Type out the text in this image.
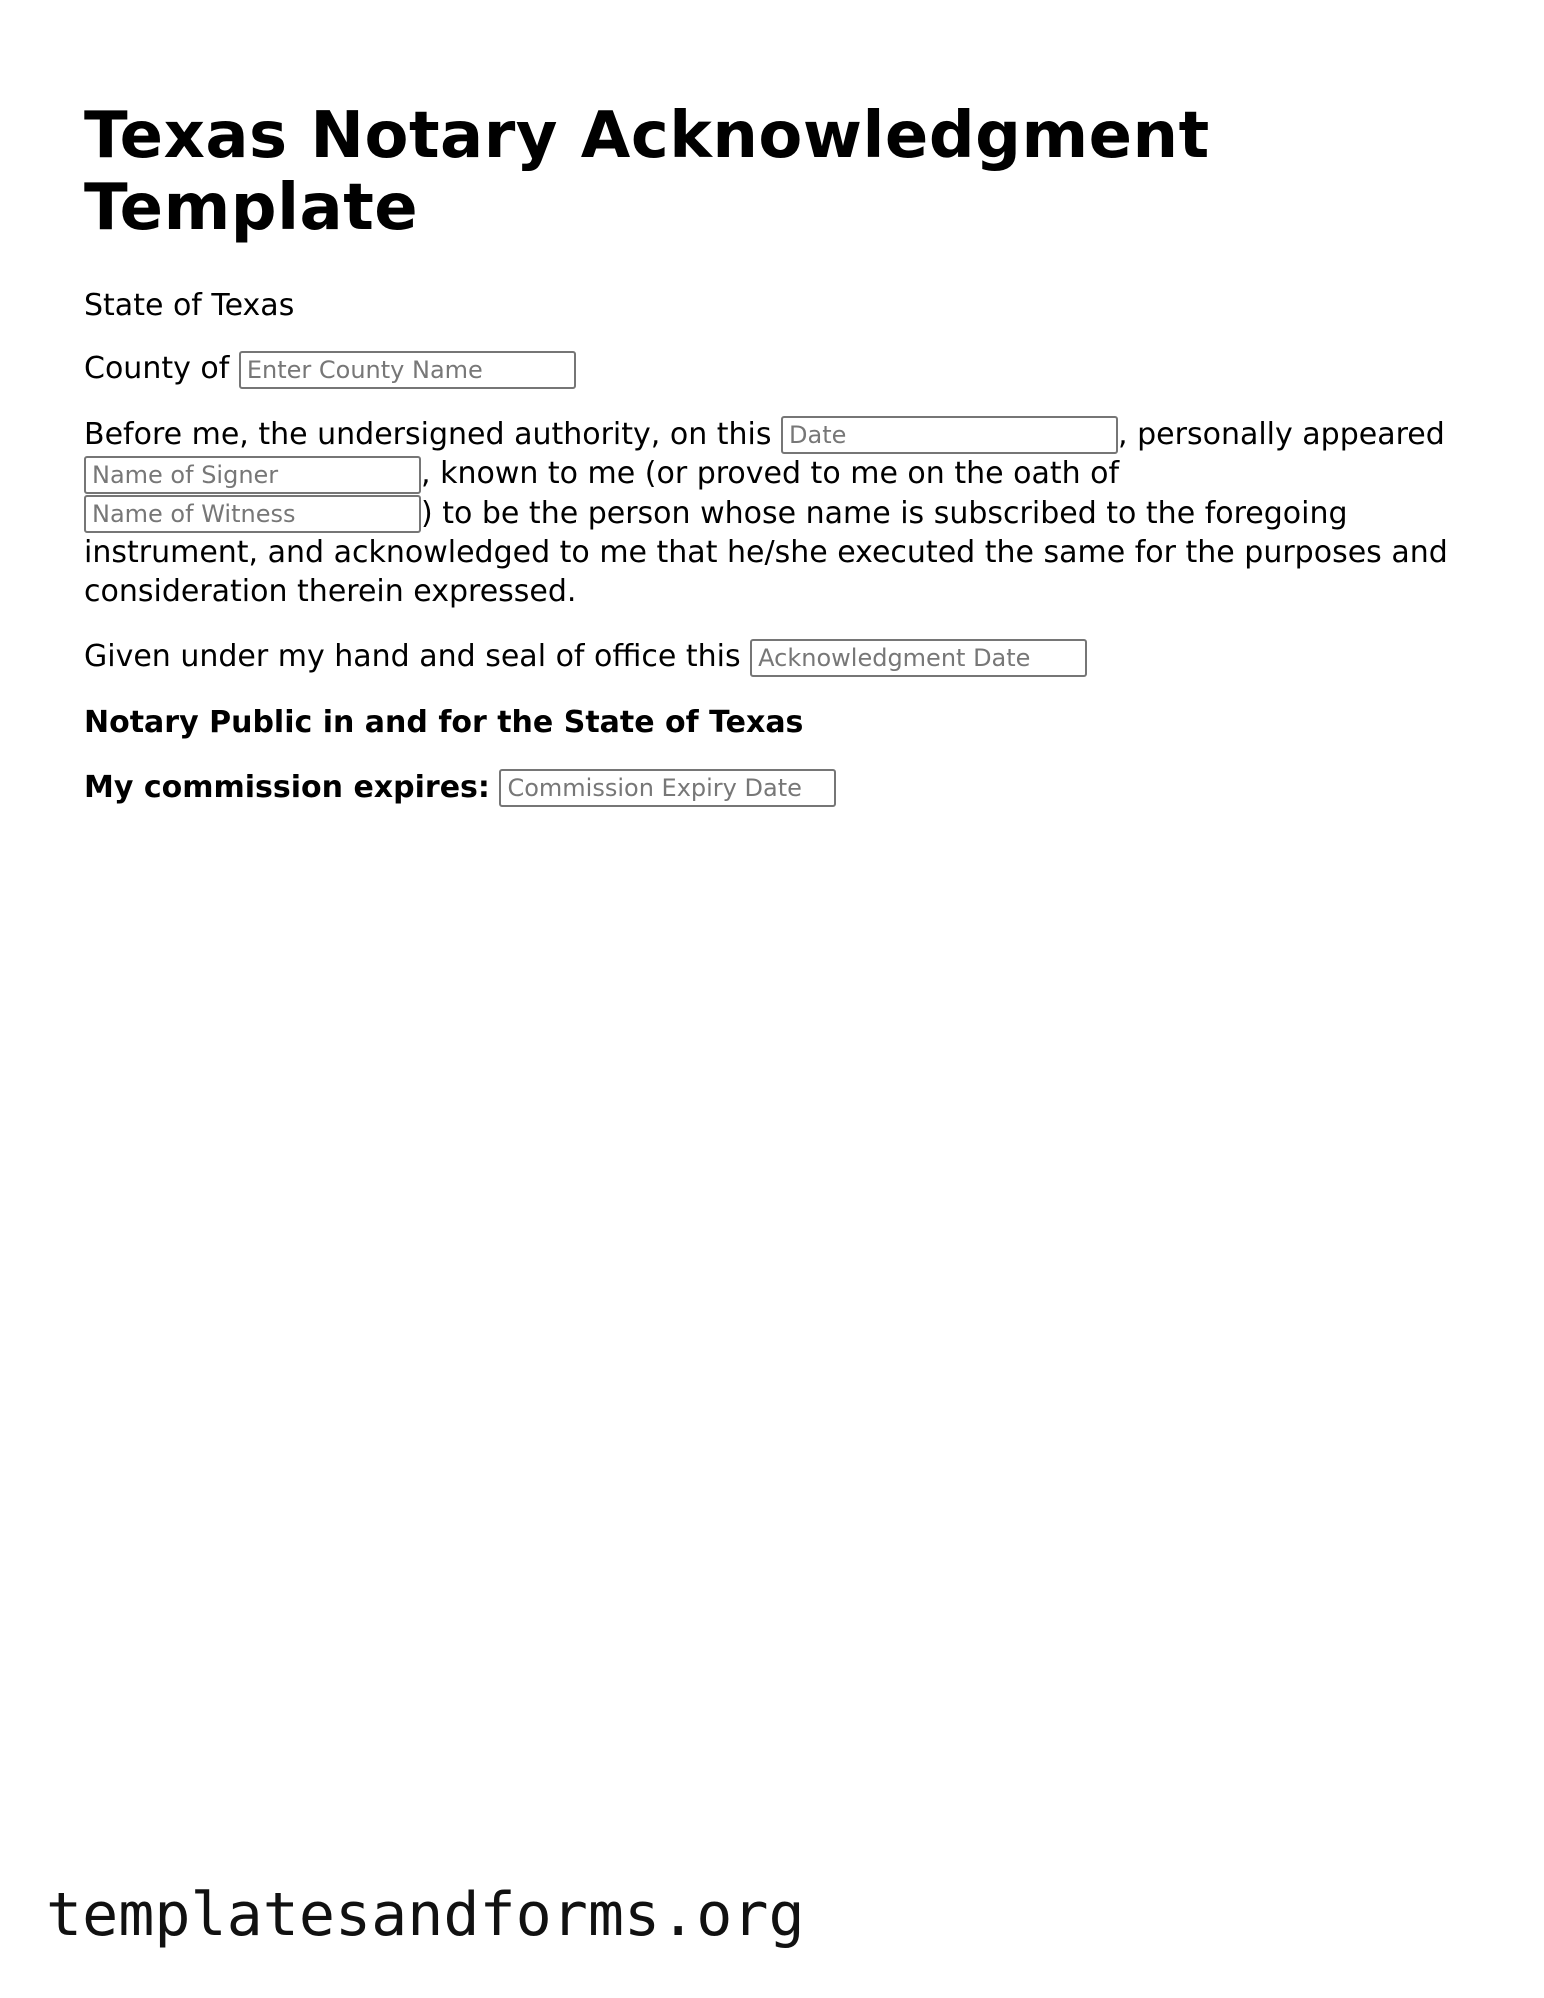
Texas Notary Acknowledgment Template

State of Texas

County of Enter County Name

Before me, the undersigned authority, on this Date	, personally appeared Name of Signer, known to me (or proved to me on the oath of Name of Witness) to be the person whose name is subscribed to the foregoing instrument, and acknowledged to me that he/she executed the same for the purposes and consideration therein expressed.

Given under my hand and seal of office this Acknowledgment Date

Notary Public in and for the State of Texas

My commission expires: Commission Expiry Date

templatesandforms.org
